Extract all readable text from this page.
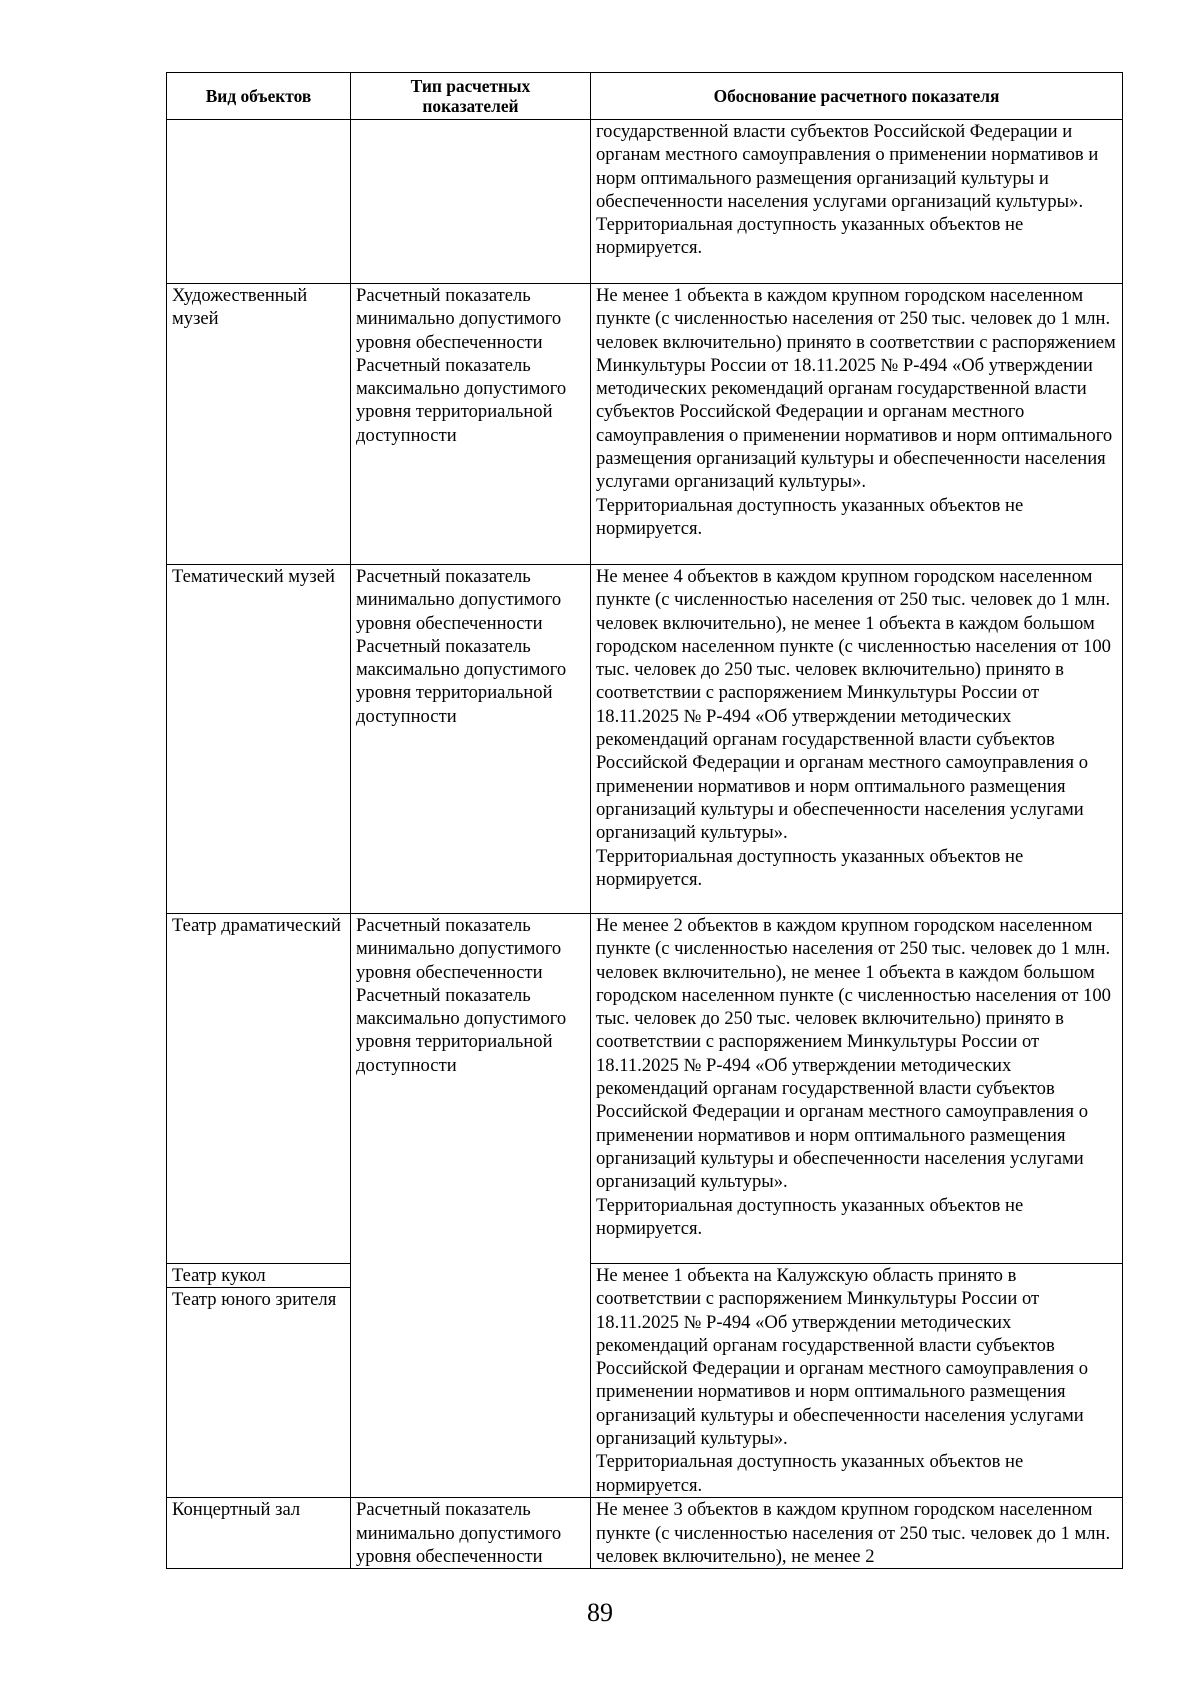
Вид объектов	Тип расчетных показателей	Обоснование расчетного показателя

		государственной власти субъектов Российской Федерации и органам местного самоуправления о применении нормативов и норм оптимального размещения организаций культуры и обеспеченности населения услугами организаций культуры».
Территориальная доступность указанных объектов не нормируется.

Художественный музей	Расчетный показатель минимально допустимого уровня обеспеченности Расчетный показатель максимально допустимого уровня территориальной доступности	Не менее 1 объекта в каждом крупном городском населенном пункте (с численностью населения от 250 тыс. человек до 1 млн. человек включительно) принято в соответствии с распоряжением Минкультуры России от 18.11.2025 № Р-494 «Об утверждении методических рекомендаций органам государственной власти субъектов Российской Федерации и органам местного самоуправления о применении нормативов и норм оптимального размещения организаций культуры и обеспеченности населения услугами организаций культуры».
Территориальная доступность указанных объектов не нормируется.

Тематический музей	Расчетный показатель минимально допустимого уровня обеспеченности Расчетный показатель максимально допустимого уровня территориальной доступности	Не менее 4 объектов в каждом крупном городском населенном пункте (с численностью населения от 250 тыс. человек до 1 млн. человек включительно), не менее 1 объекта в каждом большом городском населенном пункте (с численностью населения от 100 тыс. человек до 250 тыс. человек включительно) принято в соответствии с распоряжением Минкультуры России от 18.11.2025 № Р-494 «Об утверждении методических рекомендаций органам государственной власти субъектов Российской Федерации и органам местного самоуправления о применении нормативов и норм оптимального размещения организаций культуры и обеспеченности населения услугами организаций культуры».
Территориальная доступность указанных объектов не нормируется.

Театр драматический	Расчетный показатель минимально допустимого уровня обеспеченности Расчетный показатель максимально допустимого уровня территориальной доступности	Не менее 2 объектов в каждом крупном городском населенном пункте (с численностью населения от 250 тыс. человек до 1 млн. человек включительно), не менее 1 объекта в каждом большом городском населенном пункте (с численностью населения от 100 тыс. человек до 250 тыс. человек включительно) принято в соответствии с распоряжением Минкультуры России от 18.11.2025 № Р-494 «Об утверждении методических рекомендаций органам государственной власти субъектов Российской Федерации и органам местного самоуправления о применении нормативов и норм оптимального размещения организаций культуры и обеспеченности населения услугами организаций культуры».
Территориальная доступность указанных объектов не нормируется.

Театр кукол		Не менее 1 объекта на Калужскую область принято в соответствии с распоряжением Минкультуры России от 18.11.2025 № Р-494 «Об утверждении методических рекомендаций органам государственной власти субъектов Российской Федерации и органам местного самоуправления о применении нормативов и норм оптимального размещения организаций культуры и обеспеченности населения услугами организаций культуры».
Территориальная доступность указанных объектов не нормируется.

Театр юного зрителя		
Концертный зал	Расчетный показатель минимально допустимого уровня обеспеченности	Не менее 3 объектов в каждом крупном городском населенном пункте (с численностью населения от 250 тыс. человек до 1 млн. человек включительно), не менее 2
89
